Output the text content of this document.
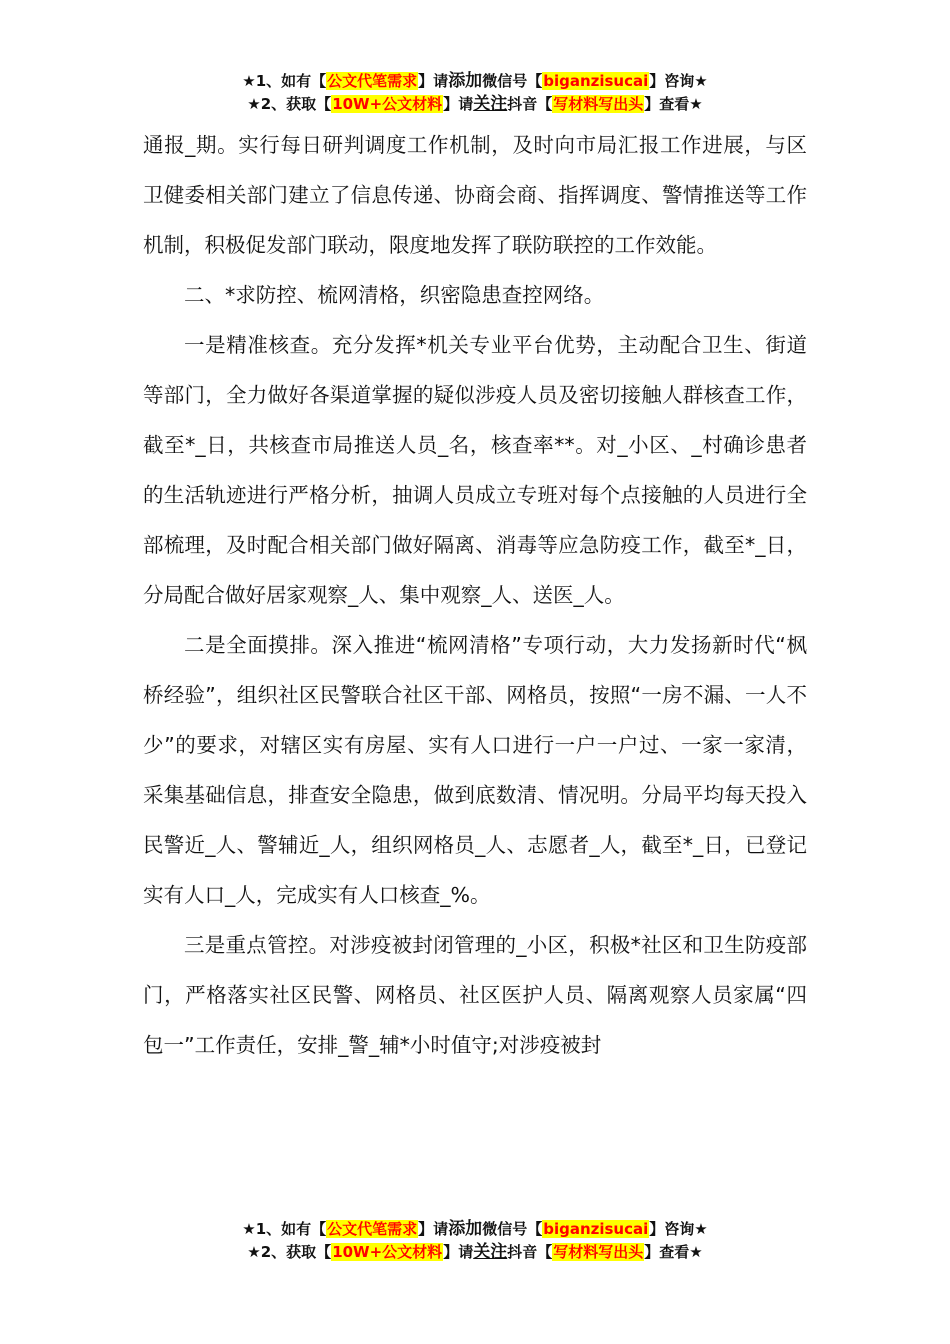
★1、如有【公文代笔需求】请添加微信号【biganzisucai】咨询★
★2、获取【10W+公文材料】请关注抖音【写材料写出头】查看★

通报_期。实行每日研判调度工作机制，及时向市局汇报工作进展，与区卫健委相关部门建立了信息传递、协商会商、指挥调度、警情推送等工作机制，积极促发部门联动，限度地发挥了联防联控的工作效能。

二、*求防控、梳网清格，织密隐患查控网络。

一是精准核查。充分发挥*机关专业平台优势，主动配合卫生、街道等部门，全力做好各渠道掌握的疑似涉疫人员及密切接触人群核查工作，截至*_日，共核查市局推送人员_名，核查率**。对_小区、_村确诊患者的生活轨迹进行严格分析，抽调人员成立专班对每个点接触的人员进行全部梳理，及时配合相关部门做好隔离、消毒等应急防疫工作，截至*_日，分局配合做好居家观察_人、集中观察_人、送医_人。

二是全面摸排。深入推进“梳网清格”专项行动，大力发扬新时代“枫桥经验”，组织社区民警联合社区干部、网格员，按照“一房不漏、一人不少”的要求，对辖区实有房屋、实有人口进行一户一户过、一家一家清，采集基础信息，排查安全隐患，做到底数清、情况明。分局平均每天投入民警近_人、警辅近_人，组织网格员_人、志愿者_人，截至*_日，已登记实有人口_人，完成实有人口核查_%。

三是重点管控。对涉疫被封闭管理的_小区，积极*社区和卫生防疫部门，严格落实社区民警、网格员、社区医护人员、隔离观察人员家属“四包一”工作责任，安排_警_辅*小时值守;对涉疫被封

★1、如有【公文代笔需求】请添加微信号【biganzisucai】咨询★
★2、获取【10W+公文材料】请关注抖音【写材料写出头】查看★
